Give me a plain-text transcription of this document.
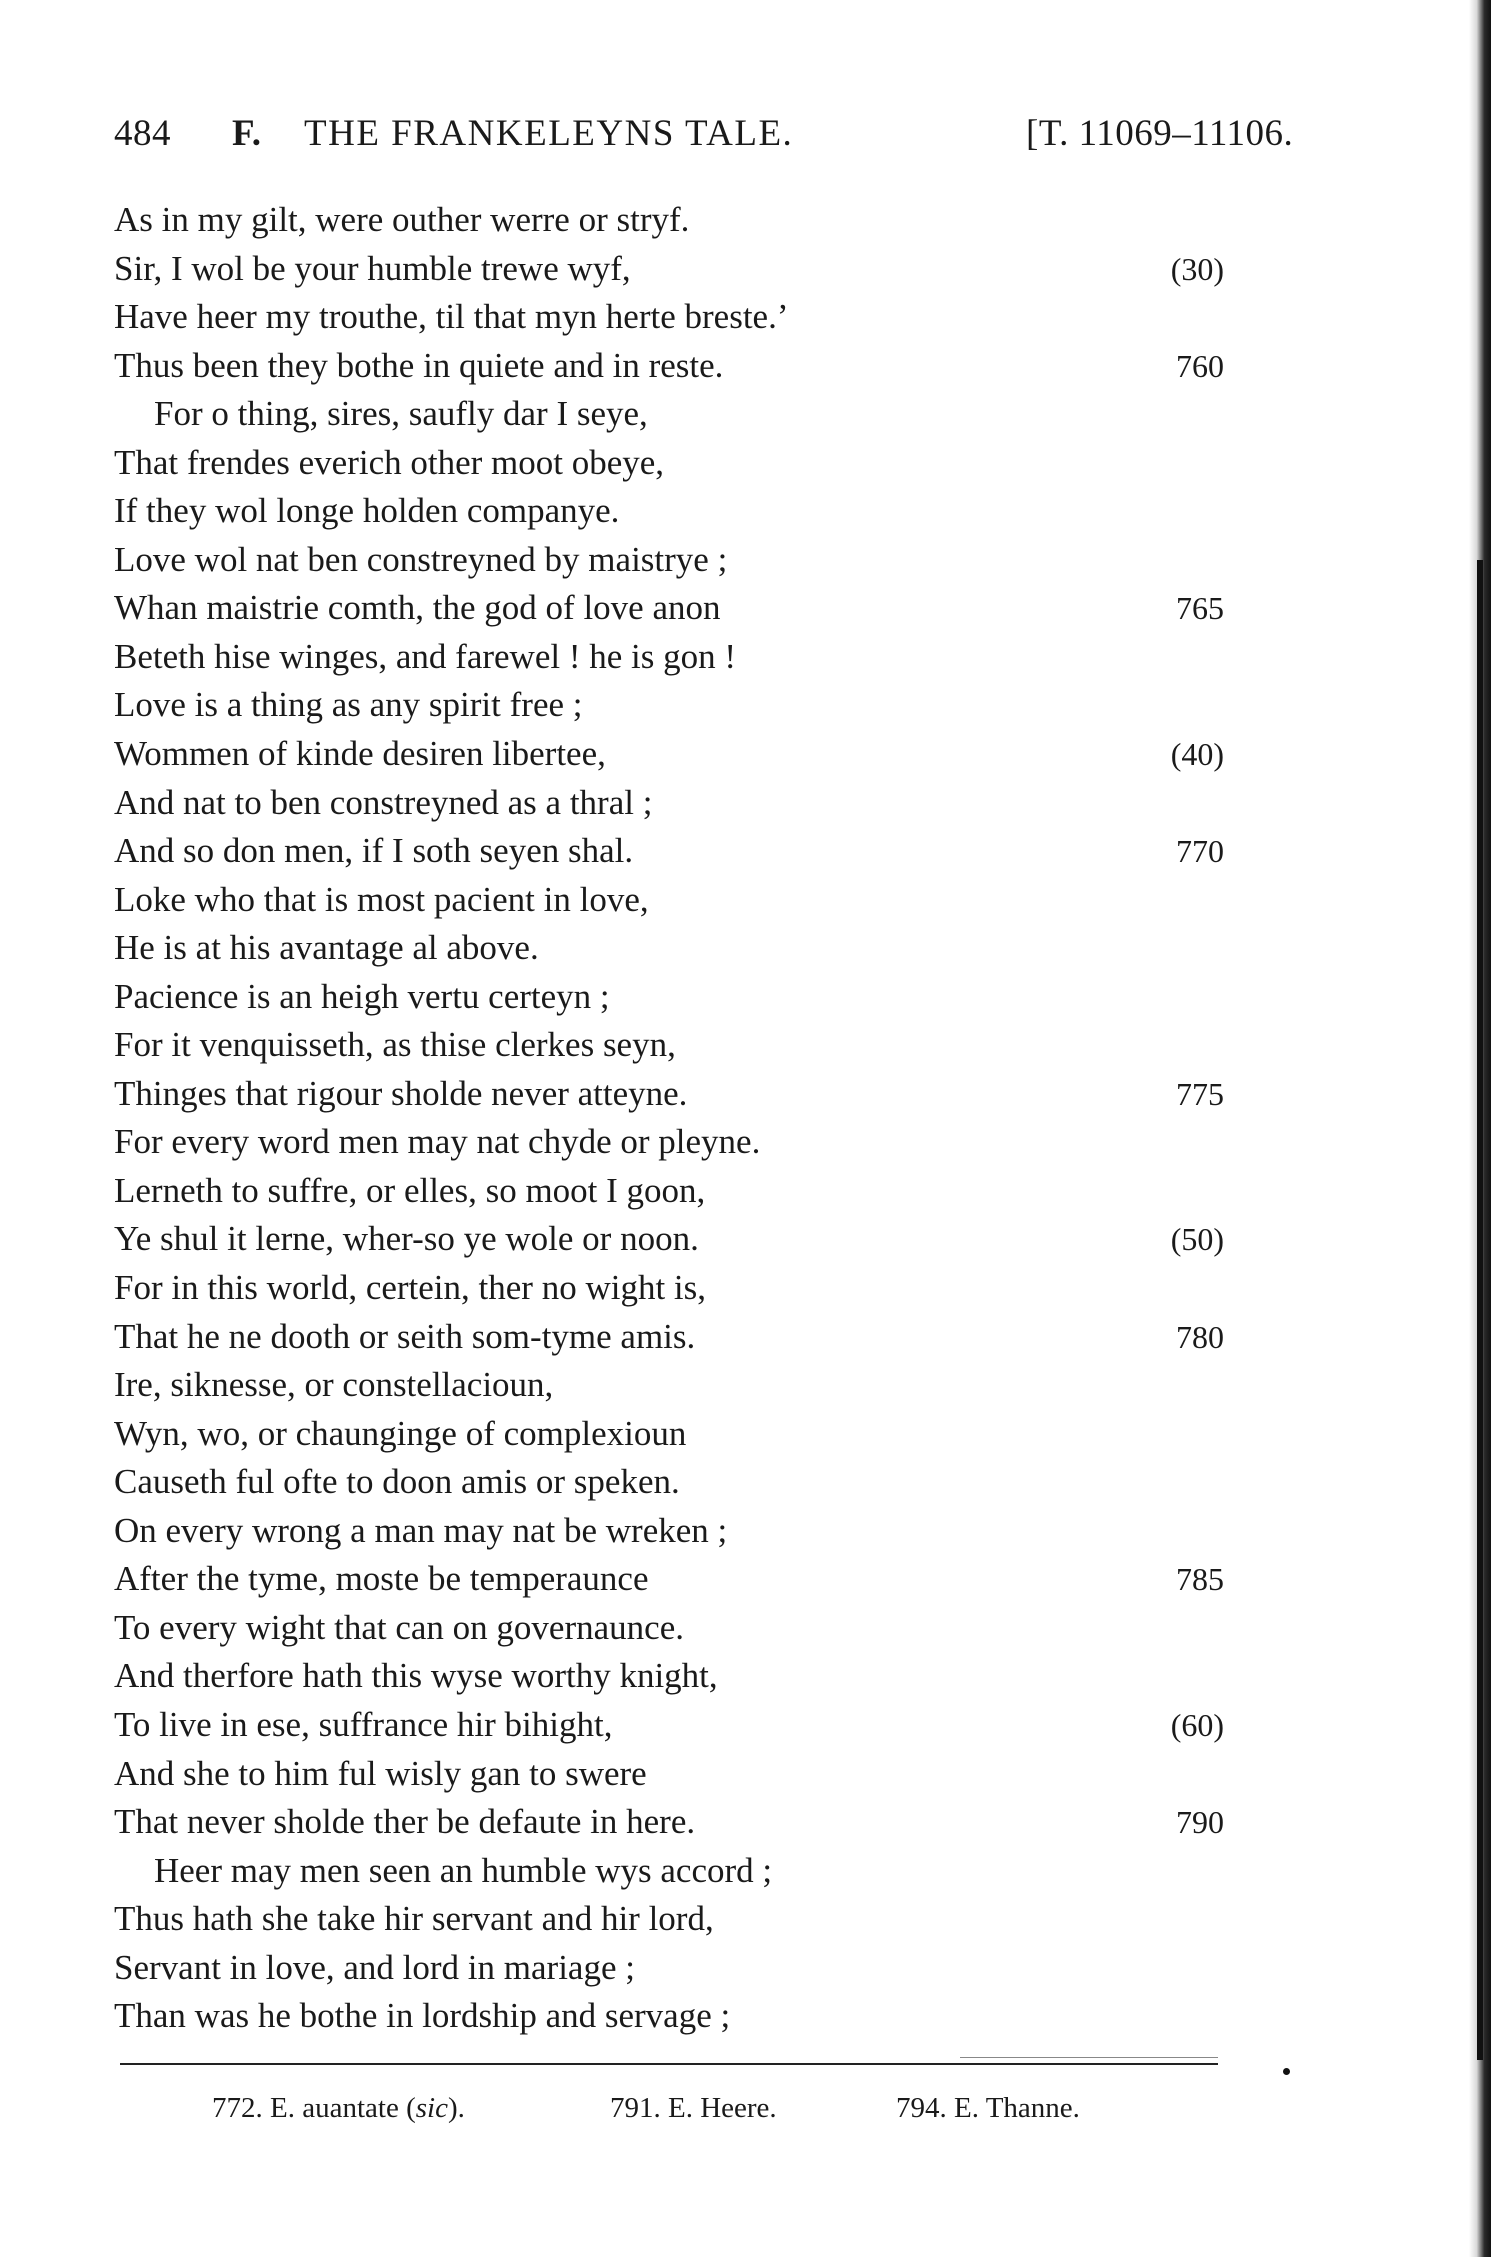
484 F. THE FRANKELEYNS TALE.	[T. 11069–11106.
As in my gilt, were outher werre or stryf.
Sir, I wol be your humble trewe wyf,	(30)
Have heer my trouthe, til that myn herte breste.’
Thus been they bothe in quiete and in reste.	760
For o thing, sires, saufly dar I seye,
That frendes everich other moot obeye,
If they wol longe holden companye.
Love wol nat ben constreyned by maistrye ;
Whan maistrie comth, the god of love anon	765
Beteth hise winges, and farewel ! he is gon !
Love is a thing as any spirit free ;
Wommen of kinde desiren libertee,	(40)
And nat to ben constreyned as a thral ;
And so don men, if I soth seyen shal.	770
Loke who that is most pacient in love,
He is at his avantage al above.
Pacience is an heigh vertu certeyn ;
For it venquisseth, as thise clerkes seyn,
Thinges that rigour sholde never atteyne.	775
For every word men may nat chyde or pleyne.
Lerneth to suffre, or elles, so moot I goon,
Ye shul it lerne, wher-so ye wole or noon.	(50)
For in this world, certein, ther no wight is,
That he ne dooth or seith som-tyme amis.	780
Ire, siknesse, or constellacioun,
Wyn, wo, or chaunginge of complexioun
Causeth ful ofte to doon amis or speken.
On every wrong a man may nat be wreken ;
After the tyme, moste be temperaunce	785
To every wight that can on governaunce.
And therfore hath this wyse worthy knight,
To live in ese, suffrance hir bihight,	(60)
And she to him ful wisly gan to swere
That never sholde ther be defaute in here.	790
Heer may men seen an humble wys accord ;
Thus hath she take hir servant and hir lord,
Servant in love, and lord in mariage ;
Than was he bothe in lordship and servage ;
772. E. auantate (sic).	791. E. Heere.	794. E. Thanne.
